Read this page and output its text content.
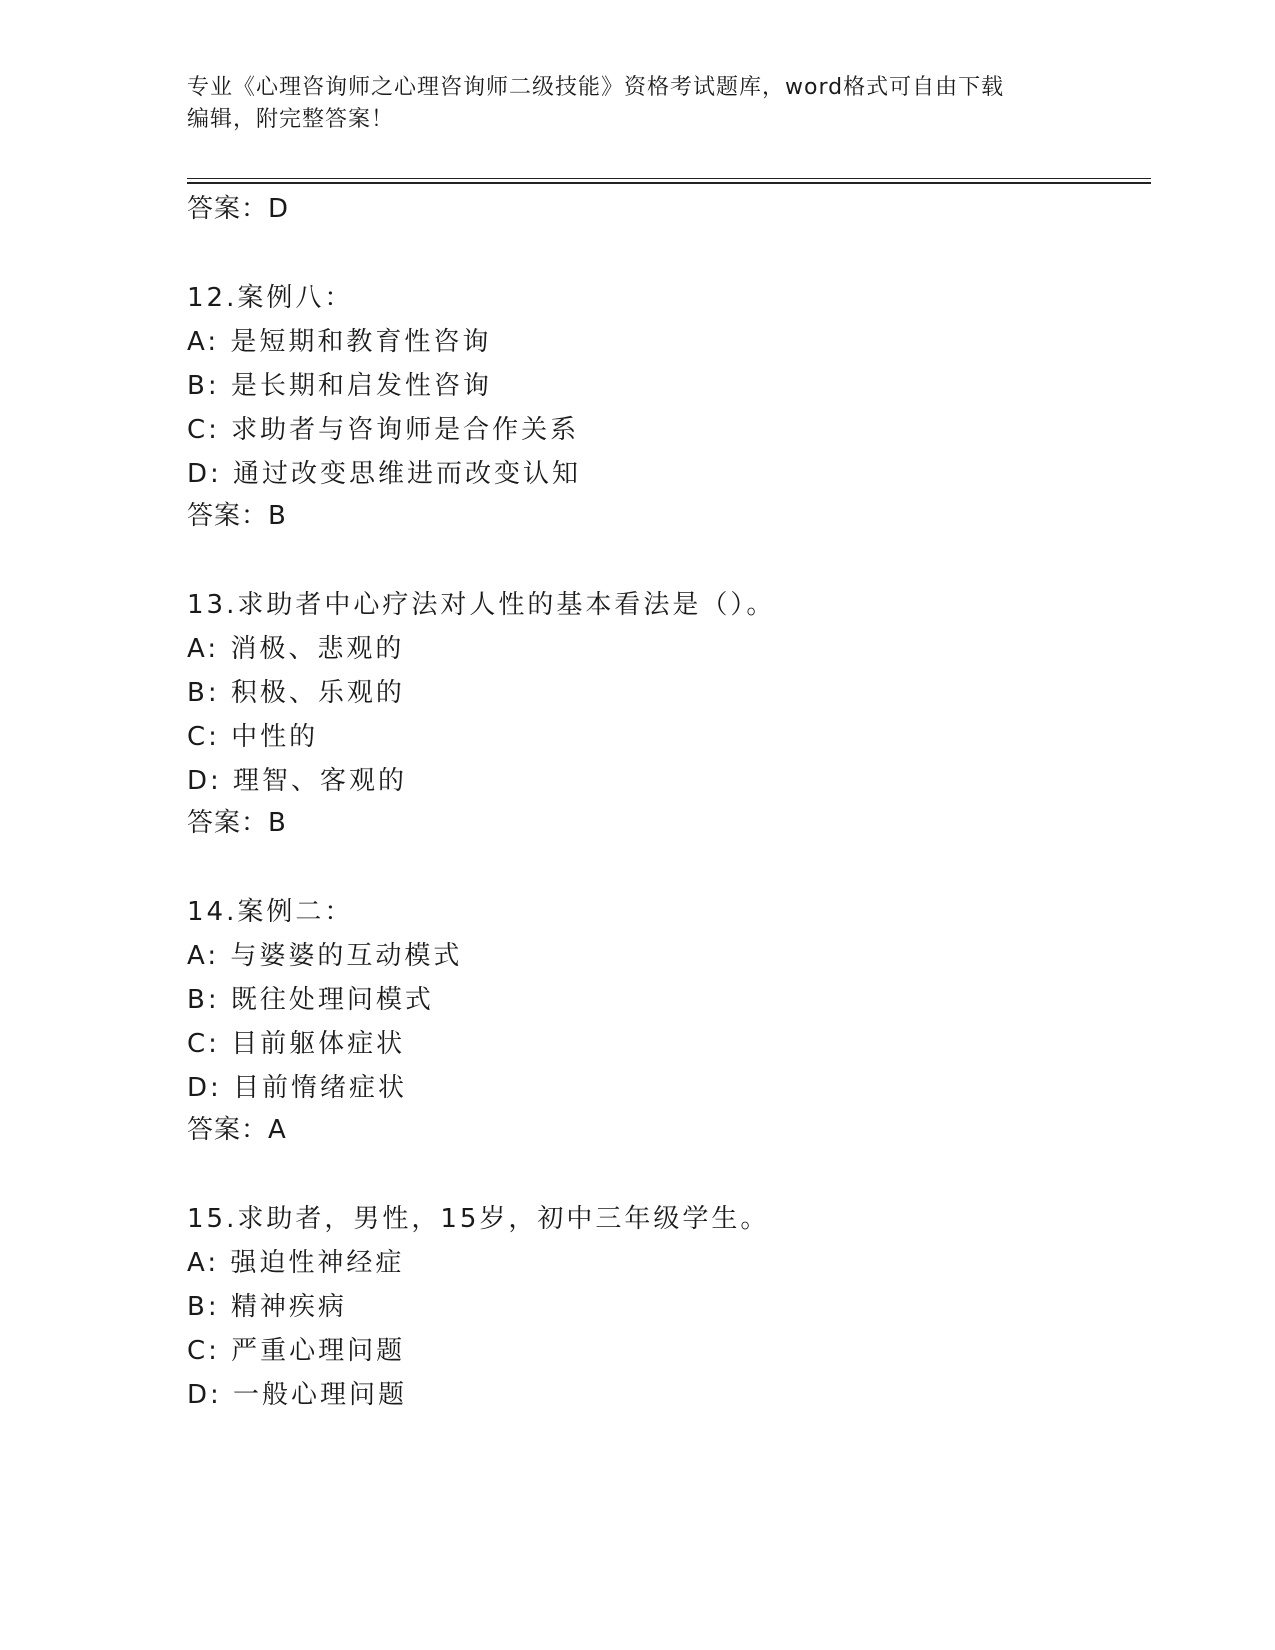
专业《心理咨询师之心理咨询师二级技能》资格考试题库，word格式可自由下载
编辑，附完整答案！
答案：D
12.案例八：
A: 是短期和教育性咨询
B: 是长期和启发性咨询
C: 求助者与咨询师是合作关系
D: 通过改变思维进而改变认知
答案：B
13.求助者中心疗法对人性的基本看法是（）。
A: 消极、悲观的
B: 积极、乐观的
C: 中性的
D: 理智、客观的
答案：B
14.案例二：
A: 与婆婆的互动模式
B: 既往处理问模式
C: 目前躯体症状
D: 目前惰绪症状
答案：A
15.求助者，男性，15岁，初中三年级学生。
A: 强迫性神经症
B: 精神疾病
C: 严重心理问题
D: 一般心理问题
